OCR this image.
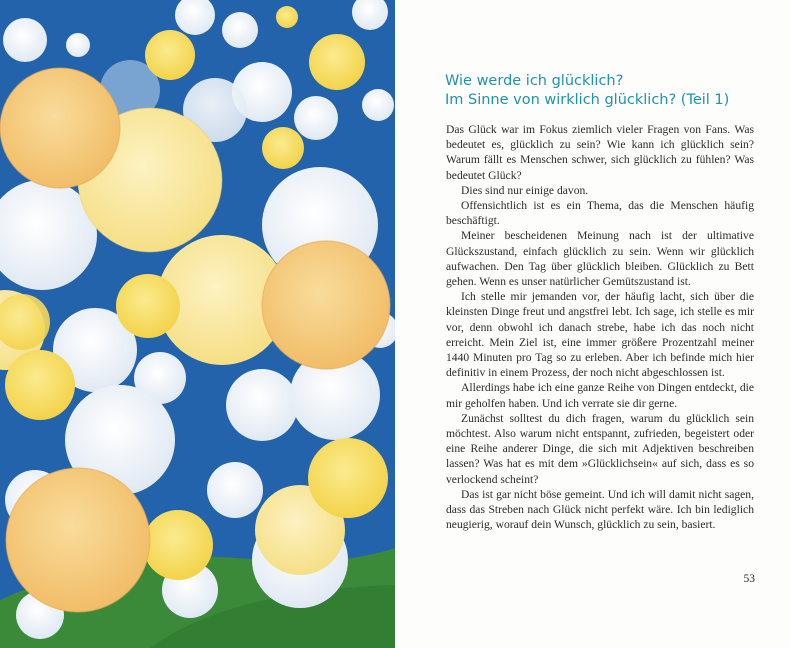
Wie werde ich glücklich?
Im Sinne von wirklich glücklich? (Teil 1)

Das Glück war im Fokus ziemlich vieler Fragen von Fans. Was bedeutet es, glücklich zu sein? Wie kann ich glücklich sein? Warum fällt es Menschen schwer, sich glücklich zu fühlen? Was bedeutet Glück?

Dies sind nur einige davon.

Offensichtlich ist es ein Thema, das die Menschen häufig beschäftigt.

Meiner bescheidenen Meinung nach ist der ultimative Glückszustand, einfach glücklich zu sein. Wenn wir glücklich aufwachen. Den Tag über glücklich bleiben. Glücklich zu Bett gehen. Wenn es unser natürlicher Gemütszustand ist.

Ich stelle mir jemanden vor, der häufig lacht, sich über die kleinsten Dinge freut und angstfrei lebt. Ich sage, ich stelle es mir vor, denn obwohl ich danach strebe, habe ich das noch nicht erreicht. Mein Ziel ist, eine immer größere Prozentzahl meiner 1440 Minuten pro Tag so zu erleben. Aber ich befinde mich hier definitiv in einem Prozess, der noch nicht abgeschlossen ist.

Allerdings habe ich eine ganze Reihe von Dingen entdeckt, die mir geholfen haben. Und ich verrate sie dir gerne.

Zunächst solltest du dich fragen, warum du glücklich sein möchtest. Also warum nicht entspannt, zufrieden, begeistert oder eine Reihe anderer Dinge, die sich mit Adjektiven beschreiben lassen? Was hat es mit dem »Glücklichsein« auf sich, dass es so verlockend scheint?

Das ist gar nicht böse gemeint. Und ich will damit nicht sagen, dass das Streben nach Glück nicht perfekt wäre. Ich bin lediglich neugierig, worauf dein Wunsch, glücklich zu sein, basiert.

53
